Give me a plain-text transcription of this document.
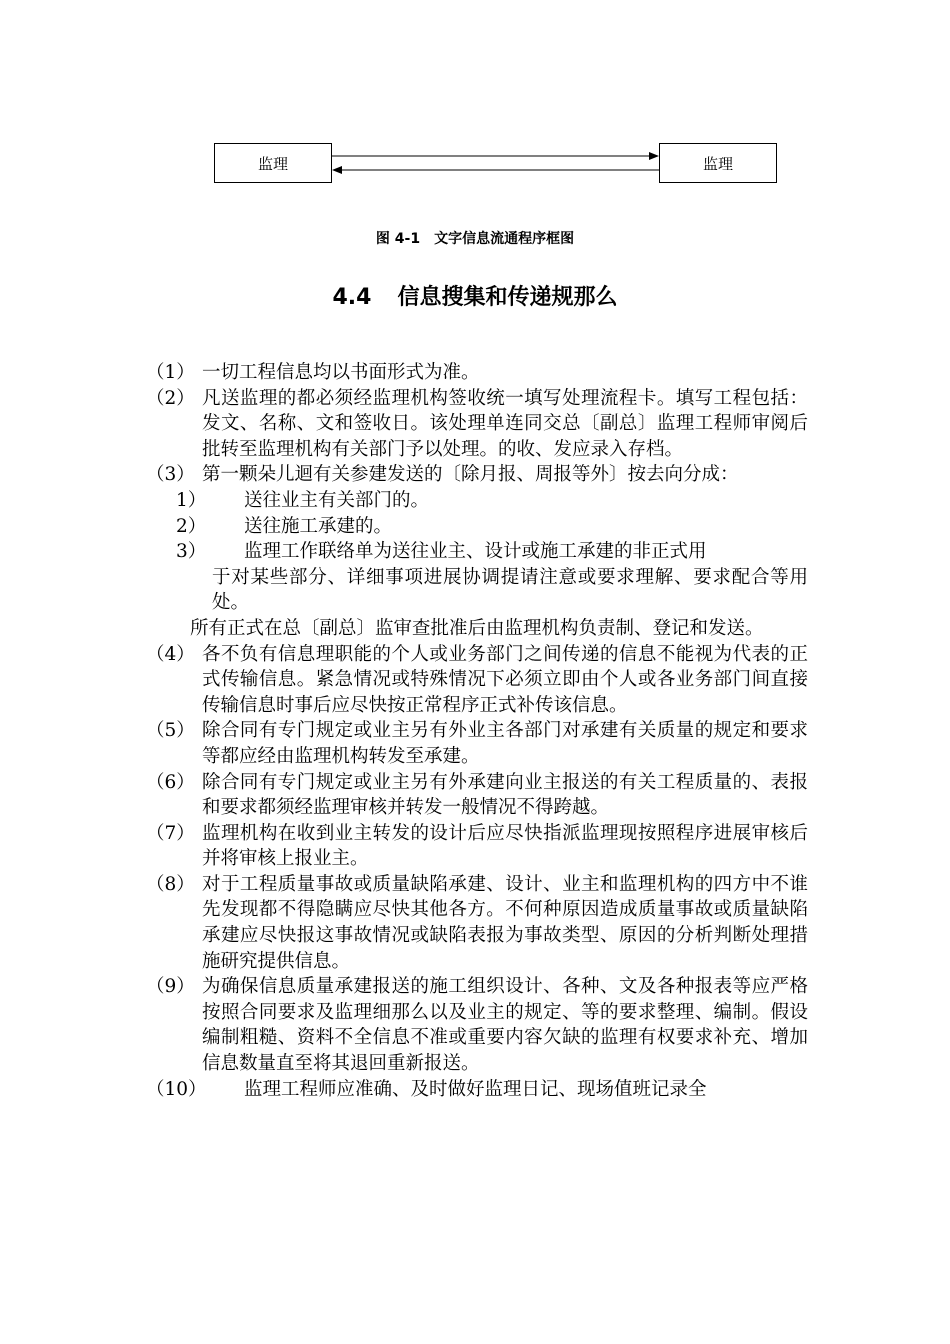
监理	监理
图 4-1 文字信息流通程序框图
4.4 信息搜集和传递规那么
（1） 一切工程信息均以书面形式为准。
（2） 凡送监理的都必须经监理机构签收统一填写处理流程卡。填写工程包括：发文、名称、文和签收日。该处理单连同交总〔副总〕监理工程师审阅后批转至监理机构有关部门予以处理。的收、发应录入存档。
（3） 第一颗朵儿迴有关参建发送的〔除月报、周报等外〕按去向分成：
1）	送往业主有关部门的。
2）	送往施工承建的。
3）	监理工作联络单为送往业主、设计或施工承建的非正式用
于对某些部分、详细事项进展协调提请注意或要求理解、要求配合等用处。
所有正式在总〔副总〕监审查批准后由监理机构负责制、登记和发送。
（4） 各不负有信息理职能的个人或业务部门之间传递的信息不能视为代表的正式传输信息。紧急情况或特殊情况下必须立即由个人或各业务部门间直接传输信息时事后应尽快按正常程序正式补传该信息。
（5） 除合同有专门规定或业主另有外业主各部门对承建有关质量的规定和要求等都应经由监理机构转发至承建。
（6） 除合同有专门规定或业主另有外承建向业主报送的有关工程质量的、表报和要求都须经监理审核并转发一般情况不得跨越。
（7） 监理机构在收到业主转发的设计后应尽快指派监理现按照程序进展审核后并将审核上报业主。
（8） 对于工程质量事故或质量缺陷承建、设计、业主和监理机构的四方中不谁先发现都不得隐瞒应尽快其他各方。不何种原因造成质量事故或质量缺陷承建应尽快报这事故情况或缺陷表报为事故类型、原因的分析判断处理措施研究提供信息。
（9） 为确保信息质量承建报送的施工组织设计、各种、文及各种报表等应严格按照合同要求及监理细那么以及业主的规定、等的要求整理、编制。假设编制粗糙、资料不全信息不准或重要内容欠缺的监理有权要求补充、增加信息数量直至将其退回重新报送。
（10）	监理工程师应准确、及时做好监理日记、现场值班记录全
